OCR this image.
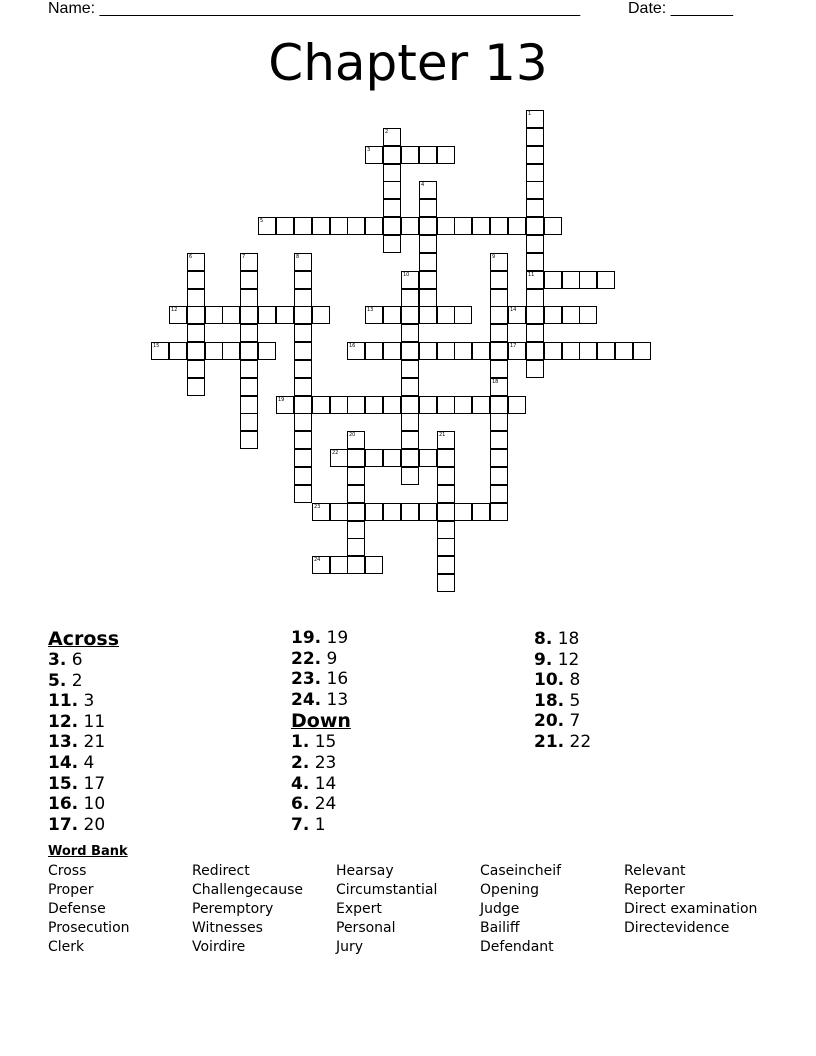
Name: ______________________________________________________	Date: _______
Chapter 13
1
11
2
3
4
5
6	7	8	9
10
12	13	14
15	16	17
18
19
20	21
22
23
24
Across
3. 6
5. 2
11. 3
12. 11
13. 21
14. 4
15. 17
16. 10
17. 20
19. 19
22. 9
23. 16
24. 13
Down
1. 15
2. 23
4. 14
6. 24
7. 1
8. 18
9. 12
10. 8
18. 5
20. 7
21. 22
Word Bank
Cross
Proper
Defense
Prosecution
Clerk
Redirect
Challengecause
Peremptory
Witnesses
Voirdire
Hearsay
Circumstantial
Expert
Personal
Jury
Caseincheif
Opening
Judge
Bailiff
Defendant
Relevant
Reporter
Direct examination
Directevidence
